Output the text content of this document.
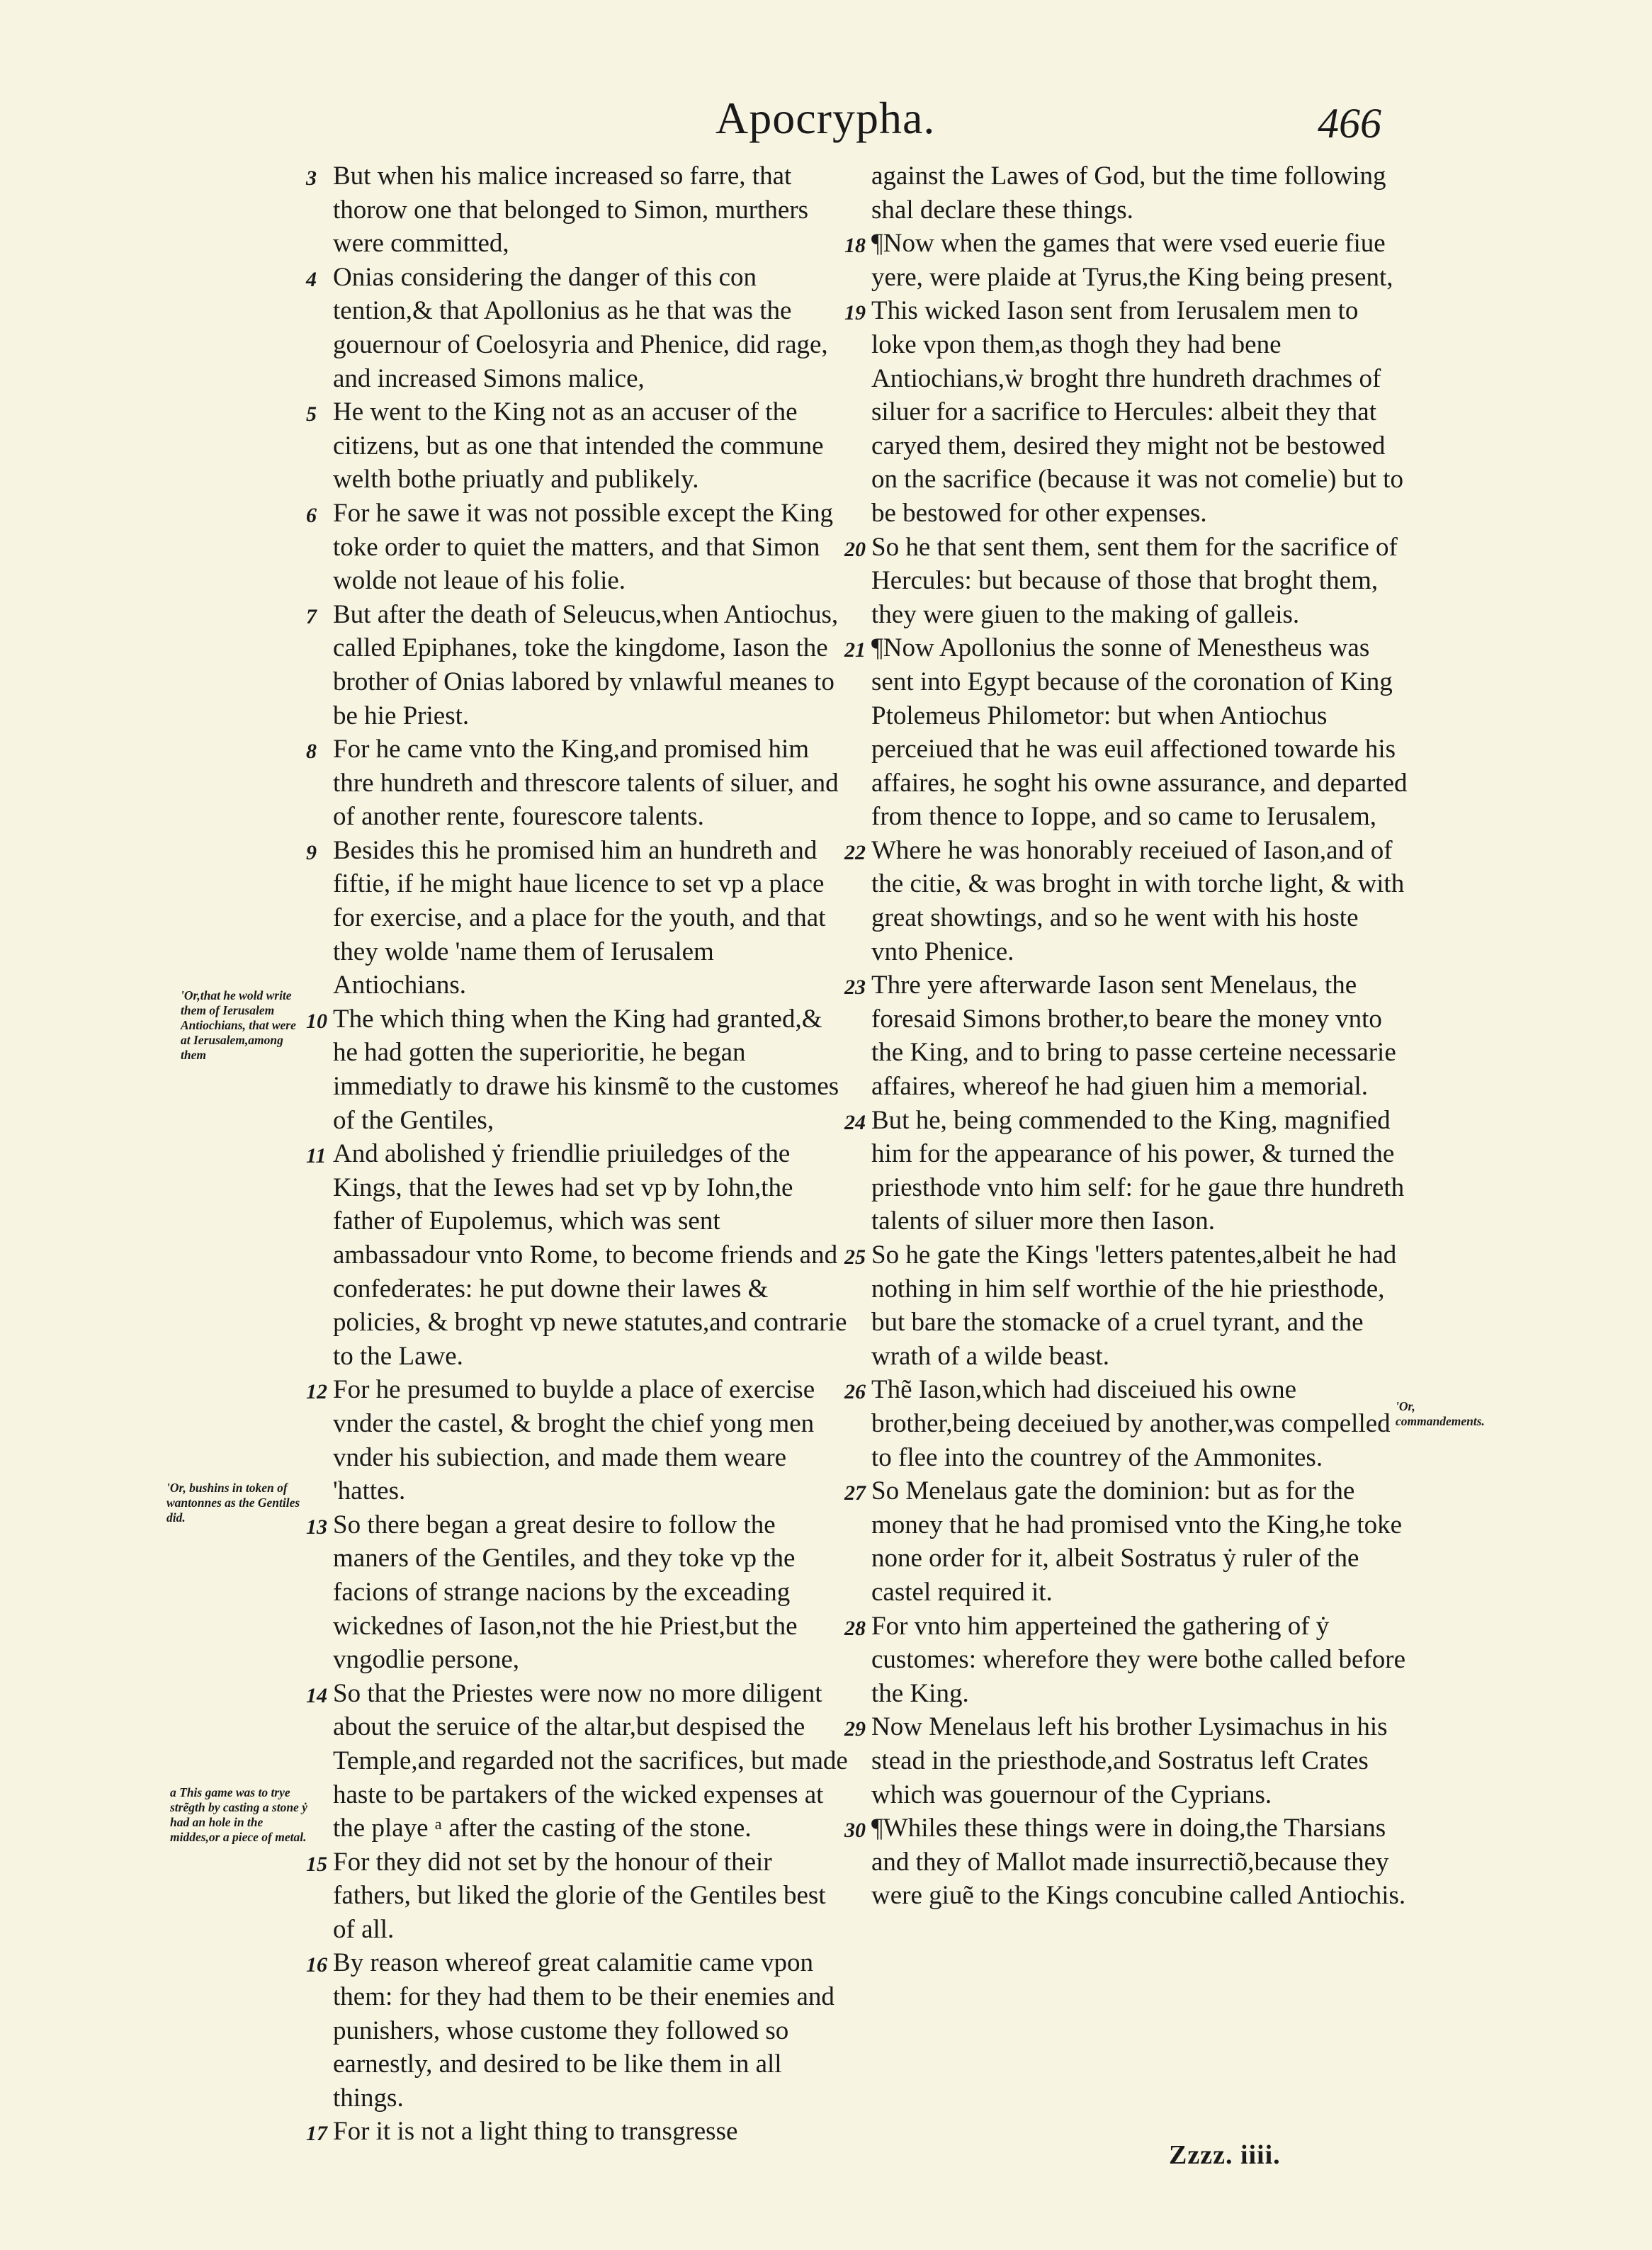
Apocrypha.	466

3 But when his malice increased so farre, that thorow one that belonged to Simon, murthers were committed,

4 Onias considering the danger of this con tention,& that Apollonius as he that was the gouernour of Coelosyria and Phenice, did rage, and increased Simons malice,

5 He went to the King not as an accuser of the citizens, but as one that intended the commune welth bothe priuatly and publikely.

6 For he sawe it was not possible except the King toke order to quiet the matters, and that Simon wolde not leaue of his folie.

7 But after the death of Seleucus,when Antiochus, called Epiphanes, toke the kingdome, Iason the brother of Onias labored by vnlawful meanes to be hie Priest.

8 For he came vnto the King,and promised him thre hundreth and threscore talents of siluer, and of another rente, fourescore talents.

9 Besides this he promised him an hundreth and fiftie, if he might haue licence to set vp a place for exercise, and a place for the youth, and that they wolde 'name them of Ierusalem Antiochians.

10 The which thing when the King had granted,& he had gotten the superioritie, he began immediatly to drawe his kinsmẽ to the customes of the Gentiles,

11 And abolished ẏ friendlie priuiledges of the Kings, that the Iewes had set vp by Iohn,the father of Eupolemus, which was sent ambassadour vnto Rome, to become friends and confederates: he put downe their lawes & policies, & broght vp newe statutes,and contrarie to the Lawe.

12 For he presumed to buylde a place of exercise vnder the castel, & broght the chief yong men vnder his subiection, and made them weare 'hattes.

13 So there began a great desire to follow the maners of the Gentiles, and they toke vp the facions of strange nacions by the exceading wickednes of Iason,not the hie Priest,but the vngodlie persone,

14 So that the Priestes were now no more diligent about the seruice of the altar,but despised the Temple,and regarded not the sacrifices, but made haste to be partakers of the wicked expenses at the playe ᵃ after the casting of the stone.

15 For they did not set by the honour of their fathers, but liked the glorie of the Gentiles best of all.

16 By reason whereof great calamitie came vpon them: for they had them to be their enemies and punishers, whose custome they followed so earnestly, and desired to be like them in all things.

17 For it is not a light thing to transgresse

against the Lawes of God, but the time following shal declare these things.

18 ¶Now when the games that were vsed euerie fiue yere, were plaide at Tyrus,the King being present,

19 This wicked Iason sent from Ierusalem men to loke vpon them,as thogh they had bene Antiochians,ẇ broght thre hundreth drachmes of siluer for a sacrifice to Hercules: albeit they that caryed them, desired they might not be bestowed on the sacrifice (because it was not comelie) but to be bestowed for other expenses.

20 So he that sent them, sent them for the sacrifice of Hercules: but because of those that broght them, they were giuen to the making of galleis.

21 ¶Now Apollonius the sonne of Menestheus was sent into Egypt because of the coronation of King Ptolemeus Philometor: but when Antiochus perceiued that he was euil affectioned towarde his affaires, he soght his owne assurance, and departed from thence to Ioppe, and so came to Ierusalem,

22 Where he was honorably receiued of Iason,and of the citie, & was broght in with torche light, & with great showtings, and so he went with his hoste vnto Phenice.

23 Thre yere afterwarde Iason sent Menelaus, the foresaid Simons brother,to beare the money vnto the King, and to bring to passe certeine necessarie affaires, whereof he had giuen him a memorial.

24 But he, being commended to the King, magnified him for the appearance of his power, & turned the priesthode vnto him self: for he gaue thre hundreth talents of siluer more then Iason.

25 So he gate the Kings 'letters patentes,albeit he had nothing in him self worthie of the hie priesthode, but bare the stomacke of a cruel tyrant, and the wrath of a wilde beast.

26 Thẽ Iason,which had disceiued his owne brother,being deceiued by another,was compelled to flee into the countrey of the Ammonites.

27 So Menelaus gate the dominion: but as for the money that he had promised vnto the King,he toke none order for it, albeit Sostratus ẏ ruler of the castel required it.

28 For vnto him apperteined the gathering of ẏ customes: wherefore they were bothe called before the King.

29 Now Menelaus left his brother Lysimachus in his stead in the priesthode,and Sostratus left Crates which was gouernour of the Cyprians.

30 ¶Whiles these things were in doing,the Tharsians and they of Mallot made insurrectiõ,because they were giuẽ to the Kings concubine called Antiochis.

'Or,that he wold write them of Ierusalem Antiochians, that were at Ierusalem,among them
'Or, bushins in token of wantonnes as the Gentiles did.
a This game was to trye strẽgth by casting a stone ẏ had an hole in the middes,or a piece of metal.
'Or, commandements.
Zzzz. iiii.
